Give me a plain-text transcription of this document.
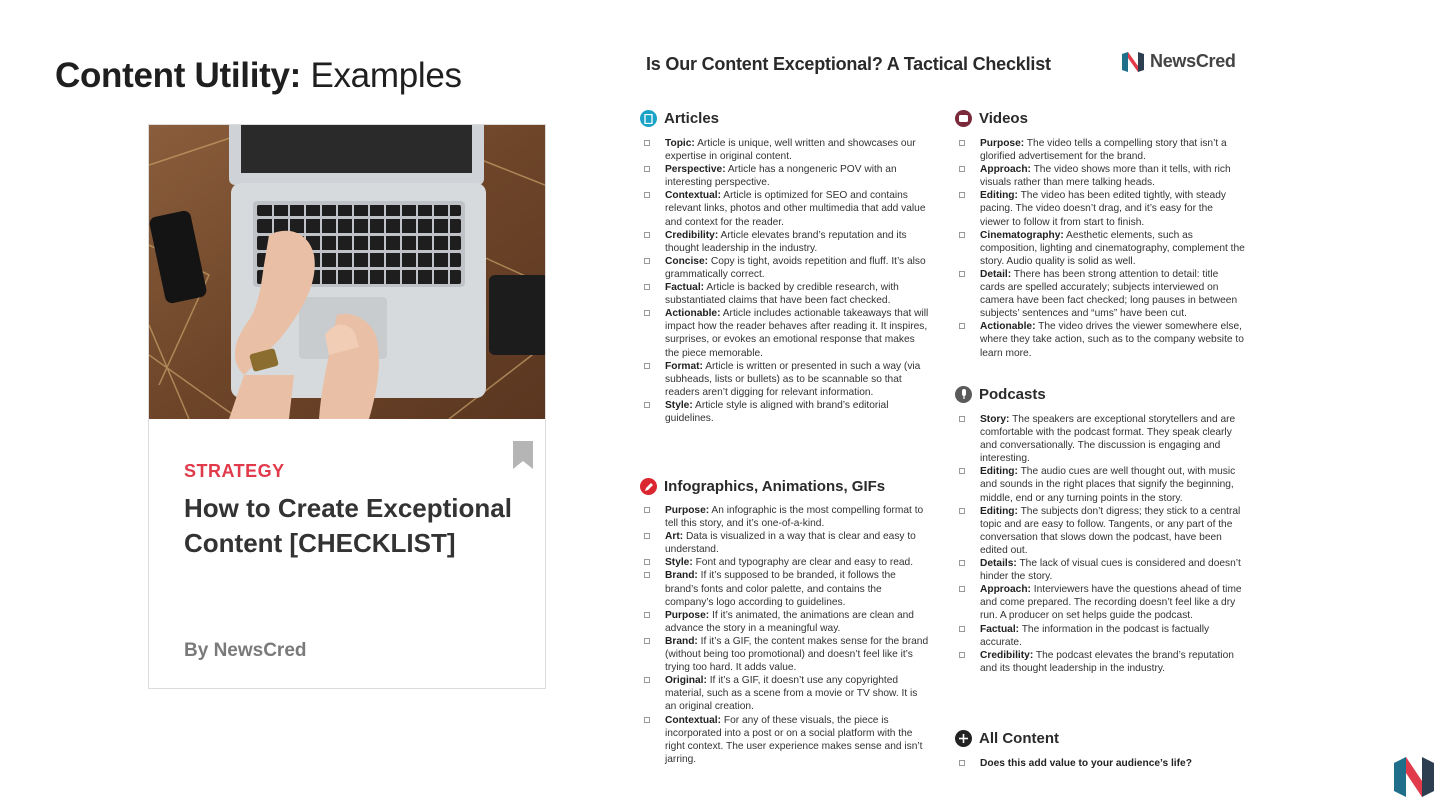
Content Utility: Examples
STRATEGY
How to Create Exceptional Content [CHECKLIST]
By NewsCred
Is Our Content Exceptional? A Tactical Checklist	NewsCred
Articles
Infographics, Animations, GIFs
Videos
Podcasts
All Content
Topic: Article is unique, well written and showcases our expertise in original content.
Perspective: Article has a nongeneric POV with an interesting perspective.
Contextual: Article is optimized for SEO and contains relevant links, photos and other multimedia that add value and context for the reader.
Credibility: Article elevates brand’s reputation and its thought leadership in the industry.
Concise: Copy is tight, avoids repetition and fluff. It’s also grammatically correct.
Factual: Article is backed by credible research, with substantiated claims that have been fact checked.
Actionable: Article includes actionable takeaways that will impact how the reader behaves after reading it. It inspires, surprises, or evokes an emotional response that makes the piece memorable.
Format: Article is written or presented in such a way (via subheads, lists or bullets) as to be scannable so that readers aren’t digging for relevant information.
Style: Article style is aligned with brand’s editorial guidelines.
Purpose: An infographic is the most compelling format to tell this story, and it’s one-of-a-kind.
Art: Data is visualized in a way that is clear and easy to understand.
Style: Font and typography are clear and easy to read.
Brand: If it’s supposed to be branded, it follows the brand’s fonts and color palette, and contains the company’s logo according to guidelines.
Purpose: If it’s animated, the animations are clean and advance the story in a meaningful way.
Brand: If it’s a GIF, the content makes sense for the brand (without being too promotional) and doesn’t feel like it’s trying too hard. It adds value.
Original: If it’s a GIF, it doesn’t use any copyrighted material, such as a scene from a movie or TV show. It is an original creation.
Contextual: For any of these visuals, the piece is incorporated into a post or on a social platform with the right context. The user experience makes sense and isn’t jarring.
Purpose: The video tells a compelling story that isn’t a glorified advertisement for the brand.
Approach: The video shows more than it tells, with rich visuals rather than mere talking heads.
Editing: The video has been edited tightly, with steady pacing. The video doesn’t drag, and it’s easy for the viewer to follow it from start to finish.
Cinematography: Aesthetic elements, such as composition, lighting and cinematography, complement the story. Audio quality is solid as well.
Detail: There has been strong attention to detail: title cards are spelled accurately; subjects interviewed on camera have been fact checked; long pauses in between subjects’ sentences and “ums” have been cut.
Actionable: The video drives the viewer somewhere else, where they take action, such as to the company website to learn more.
Story: The speakers are exceptional storytellers and are comfortable with the podcast format. They speak clearly and conversationally. The discussion is engaging and interesting.
Editing: The audio cues are well thought out, with music and sounds in the right places that signify the beginning, middle, end or any turning points in the story.
Editing: The subjects don’t digress; they stick to a central topic and are easy to follow. Tangents, or any part of the conversation that slows down the podcast, have been edited out.
Details: The lack of visual cues is considered and doesn’t hinder the story.
Approach: Interviewers have the questions ahead of time and come prepared. The recording doesn’t feel like a dry run. A producer on set helps guide the podcast.
Factual: The information in the podcast is factually accurate.
Credibility: The podcast elevates the brand’s reputation and its thought leadership in the industry.
Does this add value to your audience’s life?
